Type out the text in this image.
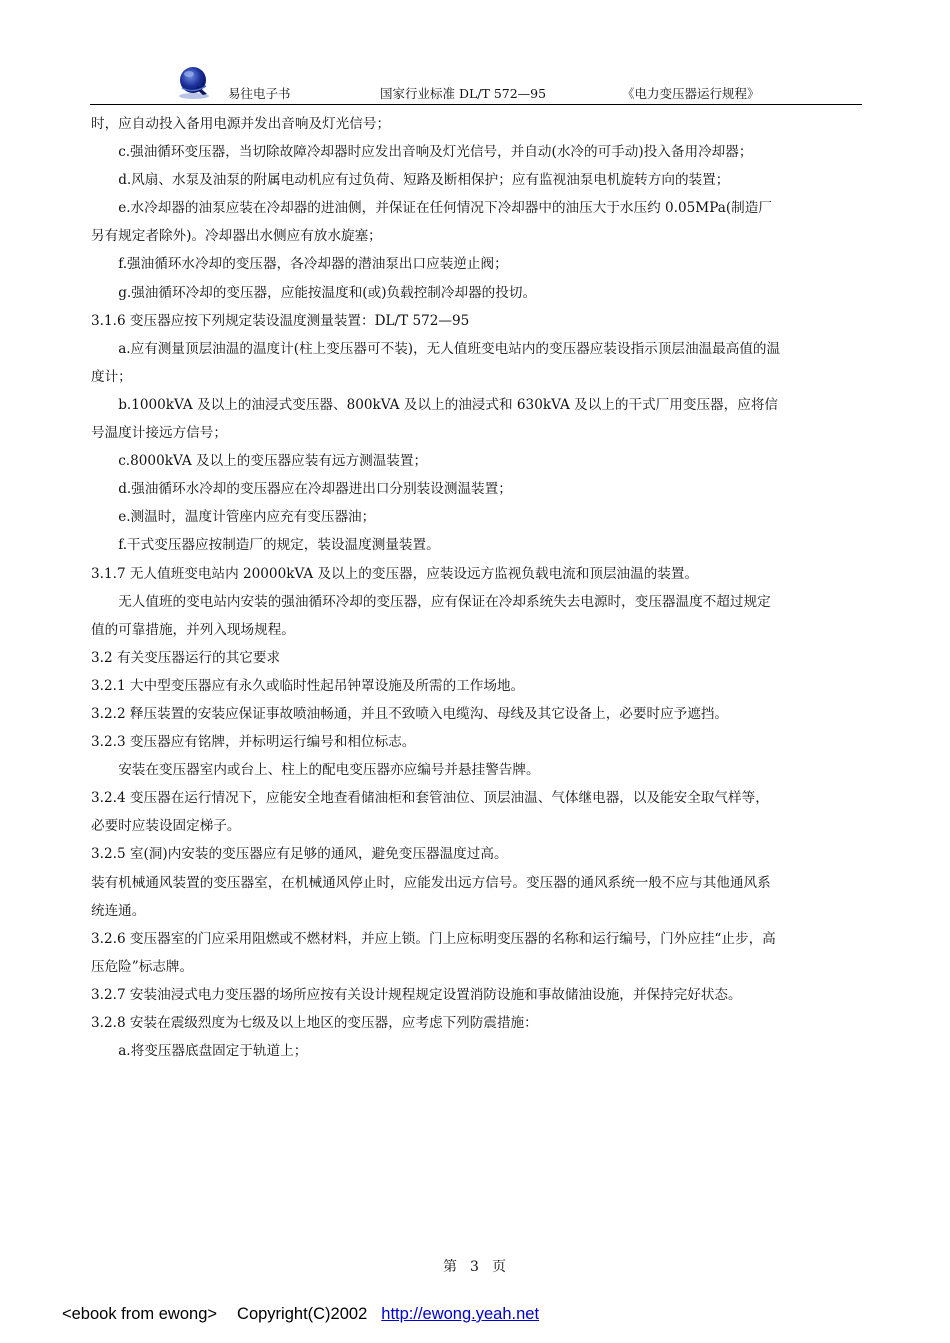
易往电子书	国家行业标准 DL/T 572—95	《电力变压器运行规程》

时，应自动投入备用电源并发出音响及灯光信号；

c.强油循环变压器，当切除故障冷却器时应发出音响及灯光信号，并自动(水冷的可手动)投入备用冷却器；

d.风扇、水泵及油泵的附属电动机应有过负荷、短路及断相保护；应有监视油泵电机旋转方向的装置；

e.水冷却器的油泵应装在冷却器的进油侧，并保证在任何情况下冷却器中的油压大于水压约 0.05MPa(制造厂另有规定者除外)。冷却器出水侧应有放水旋塞；

f.强油循环水冷却的变压器，各冷却器的潜油泵出口应装逆止阀；

g.强油循环冷却的变压器，应能按温度和(或)负载控制冷却器的投切。

3.1.6 变压器应按下列规定装设温度测量装置：DL/T 572—95

a.应有测量顶层油温的温度计(柱上变压器可不装)，无人值班变电站内的变压器应装设指示顶层油温最高值的温度计；

b.1000kVA 及以上的油浸式变压器、800kVA 及以上的油浸式和 630kVA 及以上的干式厂用变压器，应将信号温度计接远方信号；

c.8000kVA 及以上的变压器应装有远方测温装置；

d.强油循环水冷却的变压器应在冷却器进出口分别装设测温装置；

e.测温时，温度计管座内应充有变压器油；

f.干式变压器应按制造厂的规定，装设温度测量装置。

3.1.7 无人值班变电站内 20000kVA 及以上的变压器，应装设远方监视负载电流和顶层油温的装置。

无人值班的变电站内安装的强油循环冷却的变压器，应有保证在冷却系统失去电源时，变压器温度不超过规定值的可靠措施，并列入现场规程。

3.2 有关变压器运行的其它要求

3.2.1 大中型变压器应有永久或临时性起吊钟罩设施及所需的工作场地。

3.2.2 释压装置的安装应保证事故喷油畅通，并且不致喷入电缆沟、母线及其它设备上，必要时应予遮挡。

3.2.3 变压器应有铭牌，并标明运行编号和相位标志。

安装在变压器室内或台上、柱上的配电变压器亦应编号并悬挂警告牌。

3.2.4 变压器在运行情况下，应能安全地查看储油柜和套管油位、顶层油温、气体继电器，以及能安全取气样等，必要时应装设固定梯子。

3.2.5 室(洞)内安装的变压器应有足够的通风，避免变压器温度过高。

装有机械通风装置的变压器室，在机械通风停止时，应能发出远方信号。变压器的通风系统一般不应与其他通风系统连通。

3.2.6 变压器室的门应采用阻燃或不燃材料，并应上锁。门上应标明变压器的名称和运行编号，门外应挂“止步，高压危险”标志牌。

3.2.7 安装油浸式电力变压器的场所应按有关设计规程规定设置消防设施和事故储油设施，并保持完好状态。

3.2.8 安装在震级烈度为七级及以上地区的变压器，应考虑下列防震措施：

a.将变压器底盘固定于轨道上；

第 3 页
<ebook from ewong> Copyright(C)2002 http://ewong.yeah.net
